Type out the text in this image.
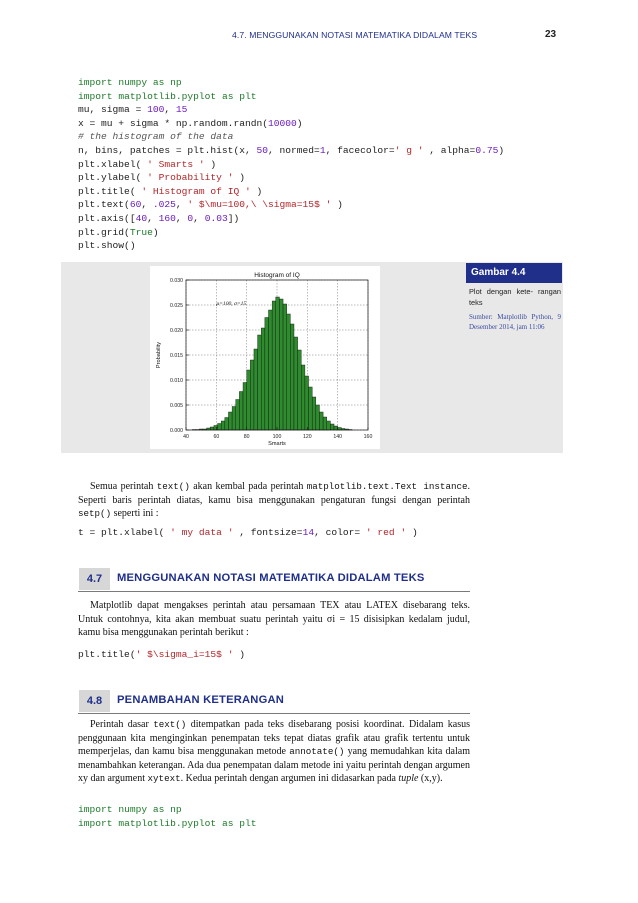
4.7. MENGGUNAKAN NOTASI MATEMATIKA DIDALAM TEKS	23
import numpy as np
import matplotlib.pyplot as plt
mu, sigma = 100, 15
x = mu + sigma * np.random.randn(10000)
# the histogram of the data
n, bins, patches = plt.hist(x, 50, normed=1, facecolor=' g ' , alpha=0.75)
plt.xlabel( ' Smarts ' )
plt.ylabel( ' Probability ' )
plt.title( ' Histogram of IQ ' )
plt.text(60, .025, ' $\mu=100,\ \sigma=15$ ' )
plt.axis([40, 160, 0, 0.03])
plt.grid(True)
plt.show()
40	60	80	100	120	140	160
0.000
0.005
0.010
0.015
0.020
0.025
0.030
Histogram of IQ
Smarts
Probability
μ=100, σ=15
Gambar 4.4
Plot dengan kete- rangan teks
Sumber: Matplotlib Python, 9 Desember 2014, jam 11:06
Semua perintah text() akan kembal pada perintah matplotlib.text.Text instance. Seperti baris perintah diatas, kamu bisa menggunakan pengaturan fungsi dengan perintah setp() seperti ini :
t = plt.xlabel( ' my data ' , fontsize=14, color= ' red ' )
4.7	MENGGUNAKAN NOTASI MATEMATIKA DIDALAM TEKS
Matplotlib dapat mengakses perintah atau persamaan TEX atau LATEX disebarang teks. Untuk contohnya, kita akan membuat suatu perintah yaitu σi = 15 disisipkan kedalam judul, kamu bisa menggunakan perintah berikut :
plt.title(' $\sigma_i=15$ ' )
4.8	PENAMBAHAN KETERANGAN
Perintah dasar text() ditempatkan pada teks disebarang posisi koordinat. Didalam kasus penggunaan kita menginginkan penempatan teks tepat diatas grafik atau grafik tertentu untuk memperjelas, dan kamu bisa menggunakan metode annotate() yang memudahkan kita dalam menambahkan keterangan. Ada dua penempatan dalam metode ini yaitu perintah dengan argumen xy dan argument xytext. Kedua perintah dengan argumen ini didasarkan pada tuple (x,y).
import numpy as np
import matplotlib.pyplot as plt
